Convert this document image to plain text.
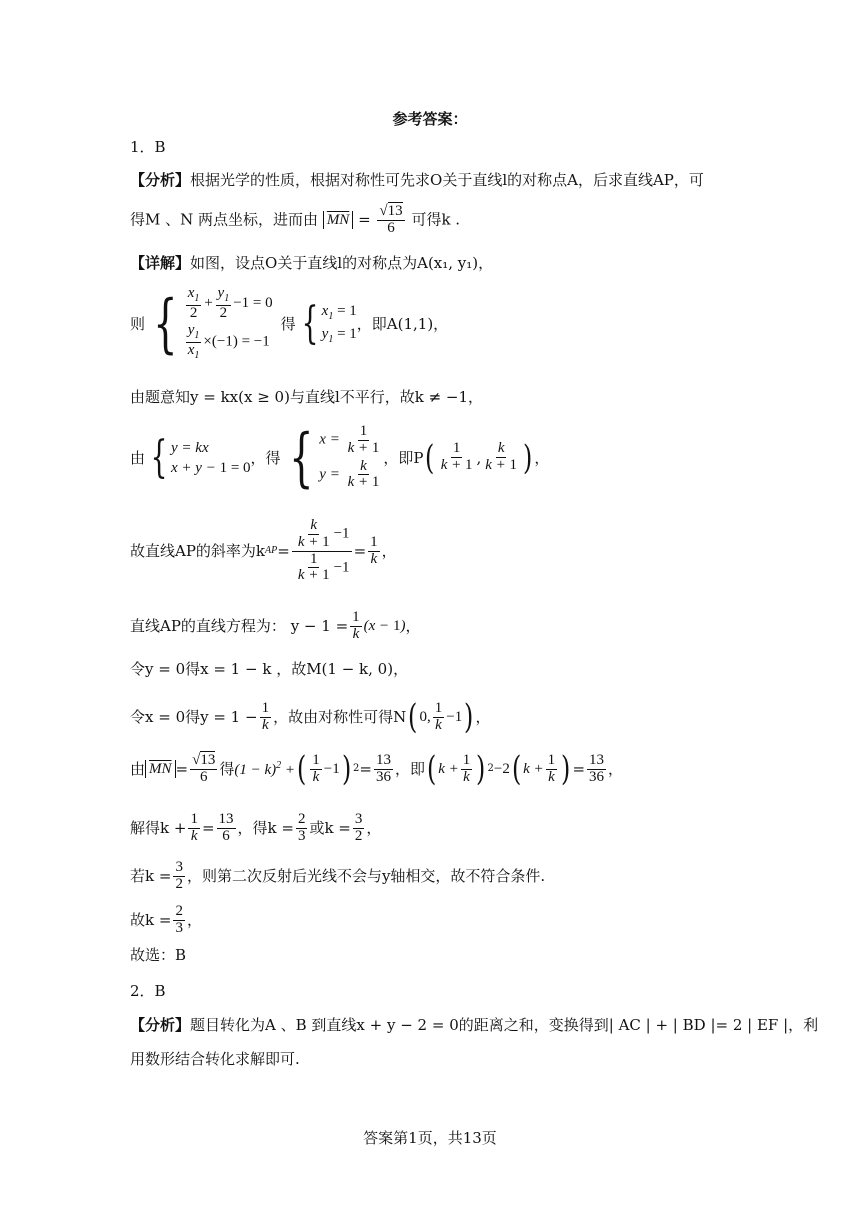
参考答案：
1．B
【分析】根据光学的性质，根据对称性可先求O关于直线l的对称点A，后求直线AP，可
得M 、N 两点坐标，进而由 $\overline{MN} = \frac{√13}{6}$ 可得k .
【详解】如图，设点O关于直线l的对称点为A(x₁, y₁)，
则 { $\frac{x_1}{2} + \frac{y_1}{2} -1 = 0$
$\frac{y_1}{x_1} \times(-1) = -1$
得 { $x_1 = 1$
$y_1 = 1$
，即A(1,1)，
由题意知y = kx(x ≥ 0)与直线l不平行，故k ≠ −1，
由 { y = kx
x + y − 1 = 0
，得 { $x = \frac{1}{k + 1}$
$y = \frac{k}{k + 1}$
，即P ( 1
k + 1 ,
k
k + 1 ) ，
故直线AP的斜率为k AP =
$\frac{k}{k + 1} -1$
$\frac{1}{k + 1} -1$
=
1
k ，
直线AP的直线方程为： $y - 1 = \frac{1}{k} (x - 1)$ ，
令y = 0得x = 1 − k ，故M(1 − k, 0)，
令x = 0得$y = 1 - \frac{1}{k}$ ，故由对称性可得N ( 0,
1
k −1 ) ，
由 $\overline{MN}$ =
√13
6 得 $(1 - k)^2$ + ( 1
k −1 ) 2 =
13
36 ，即 ( $k + \frac{1}{k}$ ) 2 −2 ( $k + \frac{1}{k}$ ) =
13
36 ，
解得$k + \frac{1}{k}$ =
13
6 ，得$k = \frac{2}{3}$ 或$k = \frac{3}{2}$ ，
若$k = \frac{3}{2}$ ，则第二次反射后光线不会与y轴相交，故不符合条件.
故$k = \frac{2}{3}$ ，
故选：B
2．B
【分析】题目转化为A 、B 到直线x + y − 2 = 0的距离之和，变换得到| AC | + | BD |= 2 | EF |，利
用数形结合转化求解即可.
答案第1页，共13页
